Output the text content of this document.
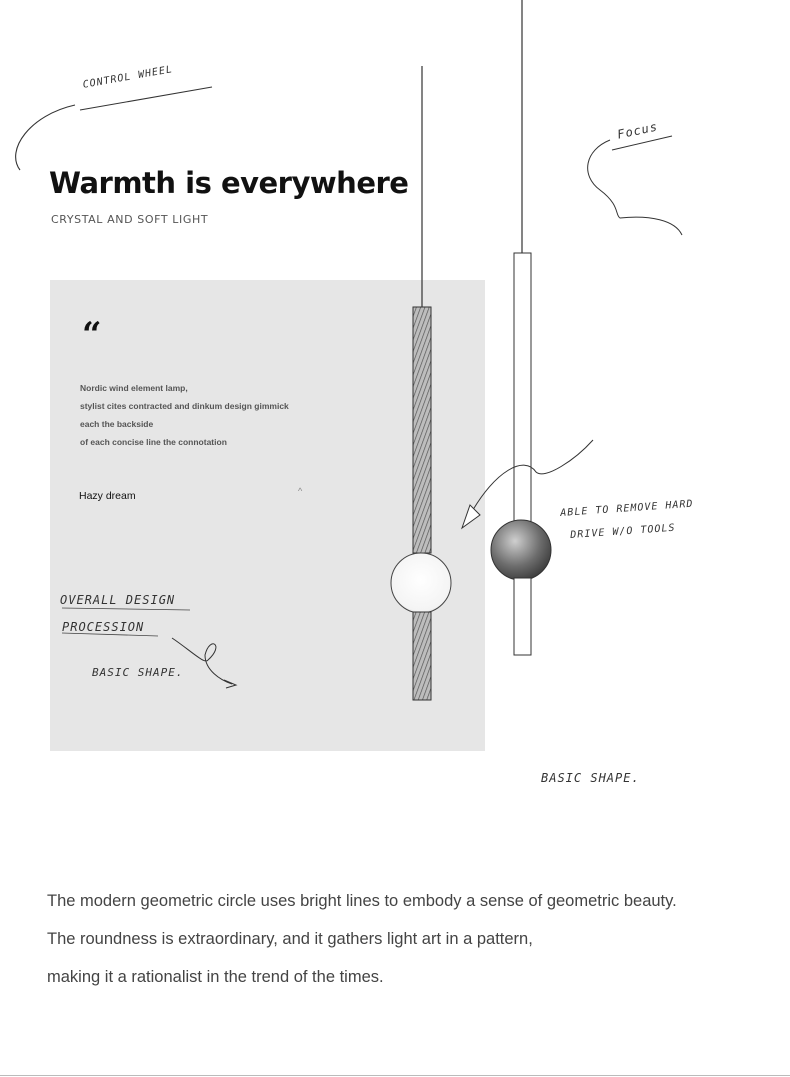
Warmth is everywhere
CRYSTAL AND SOFT LIGHT
“
Nordic wind element lamp,
stylist cites contracted and dinkum design gimmick
each the backside
of each concise line the connotation
Hazy dream	^
CONTROL WHEEL
Focus
OVERALL DESIGN
PROCESSION
BASIC SHAPE.
ABLE TO REMOVE HARD
DRIVE W/O TOOLS
BASIC SHAPE.
The modern geometric circle uses bright lines to embody a sense of geometric beauty.
The roundness is extraordinary, and it gathers light art in a pattern,
making it a rationalist in the trend of the times.
